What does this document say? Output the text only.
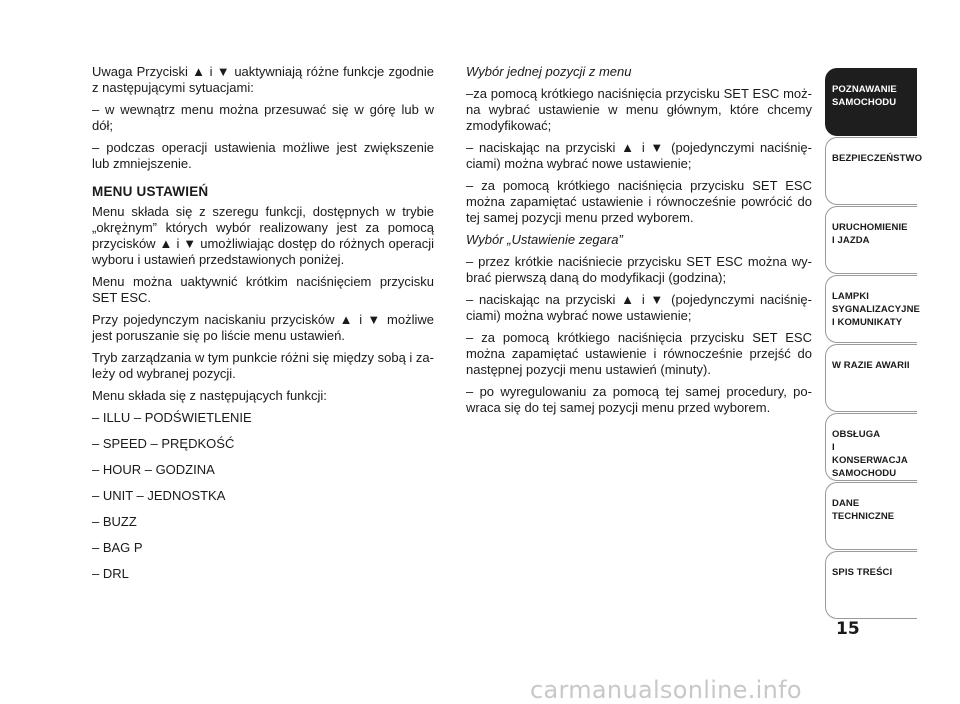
Uwaga Przyciski ▲ i ▼ uaktywniają różne funkcje zgodnie z następującymi sytuacjami:

– w wewnątrz menu można przesuwać się w górę lub w dół;

– podczas operacji ustawienia możliwe jest zwiększenie lub zmniejszenie.

MENU USTAWIEŃ

Menu składa się z szeregu funkcji, dostępnych w trybie „okrężnym” których wybór realizowany jest za pomocą przycisków ▲ i ▼ umożliwiając dostęp do różnych operacji wyboru i ustawień przedstawionych poniżej.

Menu można uaktywnić krótkim naciśnięciem przycisku SET ESC.

Przy pojedynczym naciskaniu przycisków ▲ i ▼ możliwe jest poruszanie się po liście menu ustawień.

Tryb zarządzania w tym punkcie różni się między sobą i zależy od wybranej pozycji.

Menu składa się z następujących funkcji:

– ILLU – PODŚWIETLENIE
– SPEED – PRĘDKOŚĆ
– HOUR – GODZINA
– UNIT – JEDNOSTKA
– BUZZ
– BAG P
– DRL

Wybór jednej pozycji z menu

–za pomocą krótkiego naciśnięcia przycisku SET ESC można wybrać ustawienie w menu głównym, które chcemy zmodyfikować;

– naciskając na przyciski ▲ i ▼ (pojedynczymi naciśnięciami) można wybrać nowe ustawienie;

– za pomocą krótkiego naciśnięcia przycisku SET ESC można zapamiętać ustawienie i równocześnie powrócić do tej samej pozycji menu przed wyborem.

Wybór „Ustawienie zegara”

– przez krótkie naciśniecie przycisku SET ESC można wybrać pierwszą daną do modyfikacji (godzina);

– naciskając na przyciski ▲ i ▼ (pojedynczymi naciśnięciami) można wybrać nowe ustawienie;

– za pomocą krótkiego naciśnięcia przycisku SET ESC można zapamiętać ustawienie i równocześnie przejść do następnej pozycji menu ustawień (minuty).

– po wyregulowaniu za pomocą tej samej procedury, powraca się do tej samej pozycji menu przed wyborem.

POZNAWANIE
SAMOCHODU
BEZPIECZEŃSTWO
URUCHOMIENIE
I JAZDA
LAMPKI
SYGNALIZACYJNE
I KOMUNIKATY
W RAZIE AWARII
OBSŁUGA
I KONSERWACJA
SAMOCHODU
DANE
TECHNICZNE
SPIS TREŚCI
15
carmanualsonline.info
